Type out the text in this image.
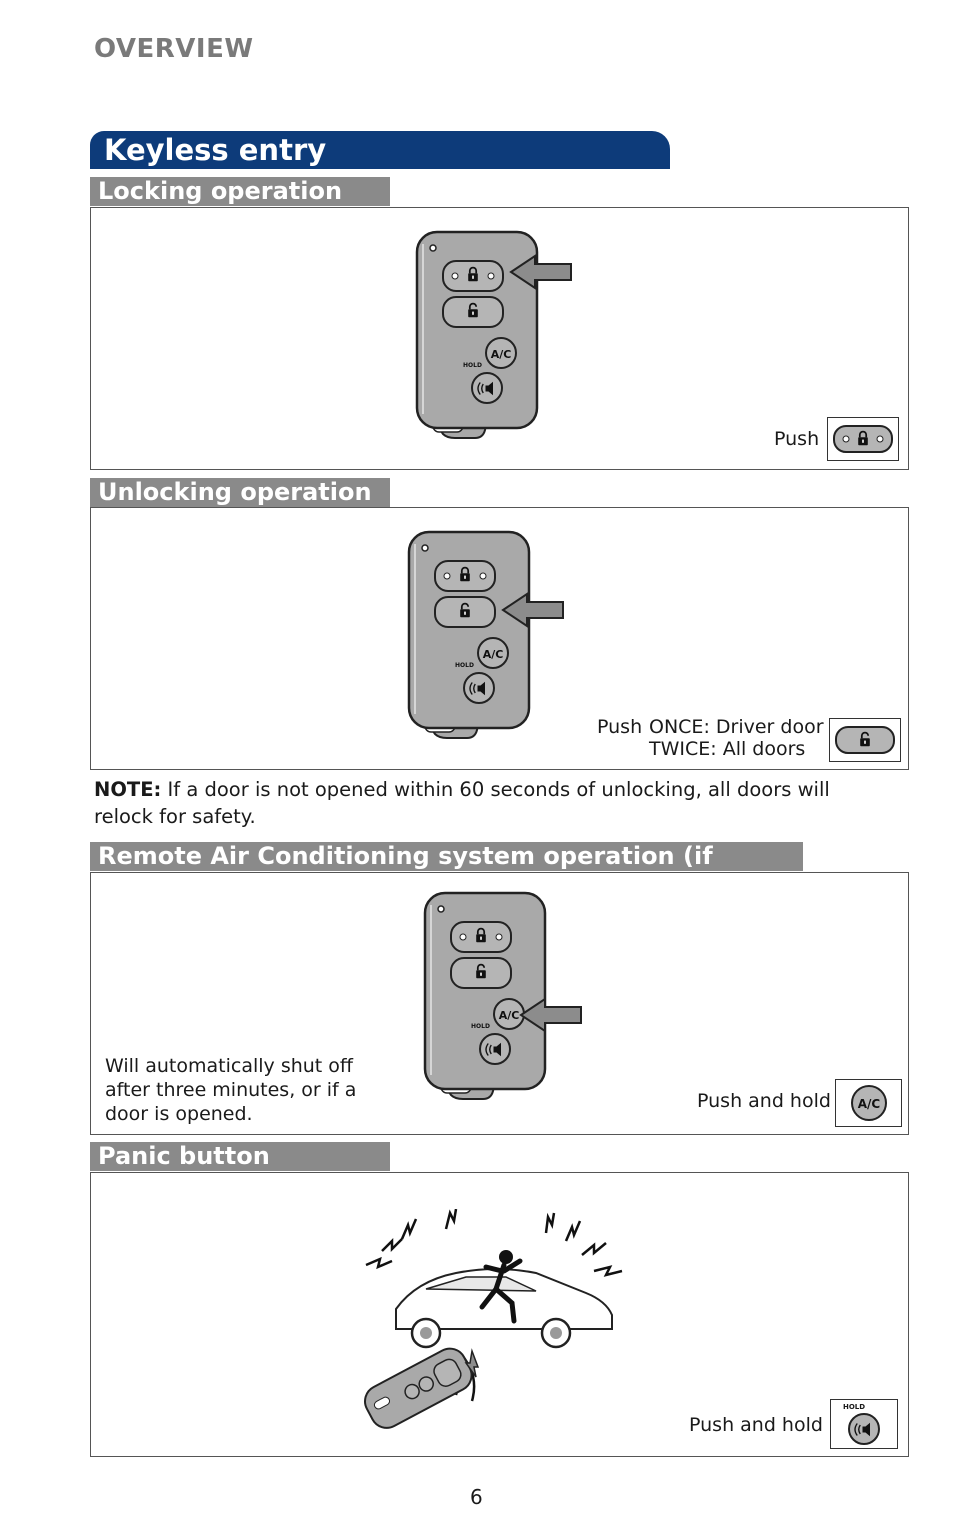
OVERVIEW
Keyless entry
Locking operation
Push
Unlocking operation
Push ONCE: Driver door
TWICE: All doors
NOTE: If a door is not opened within 60 seconds of unlocking, all doors will relock for safety.
Remote Air Conditioning system operation (if
Will automatically shut off after three minutes, or if a door is opened.
Push and hold A/C
Panic button
Push and hold
HOLD
6
